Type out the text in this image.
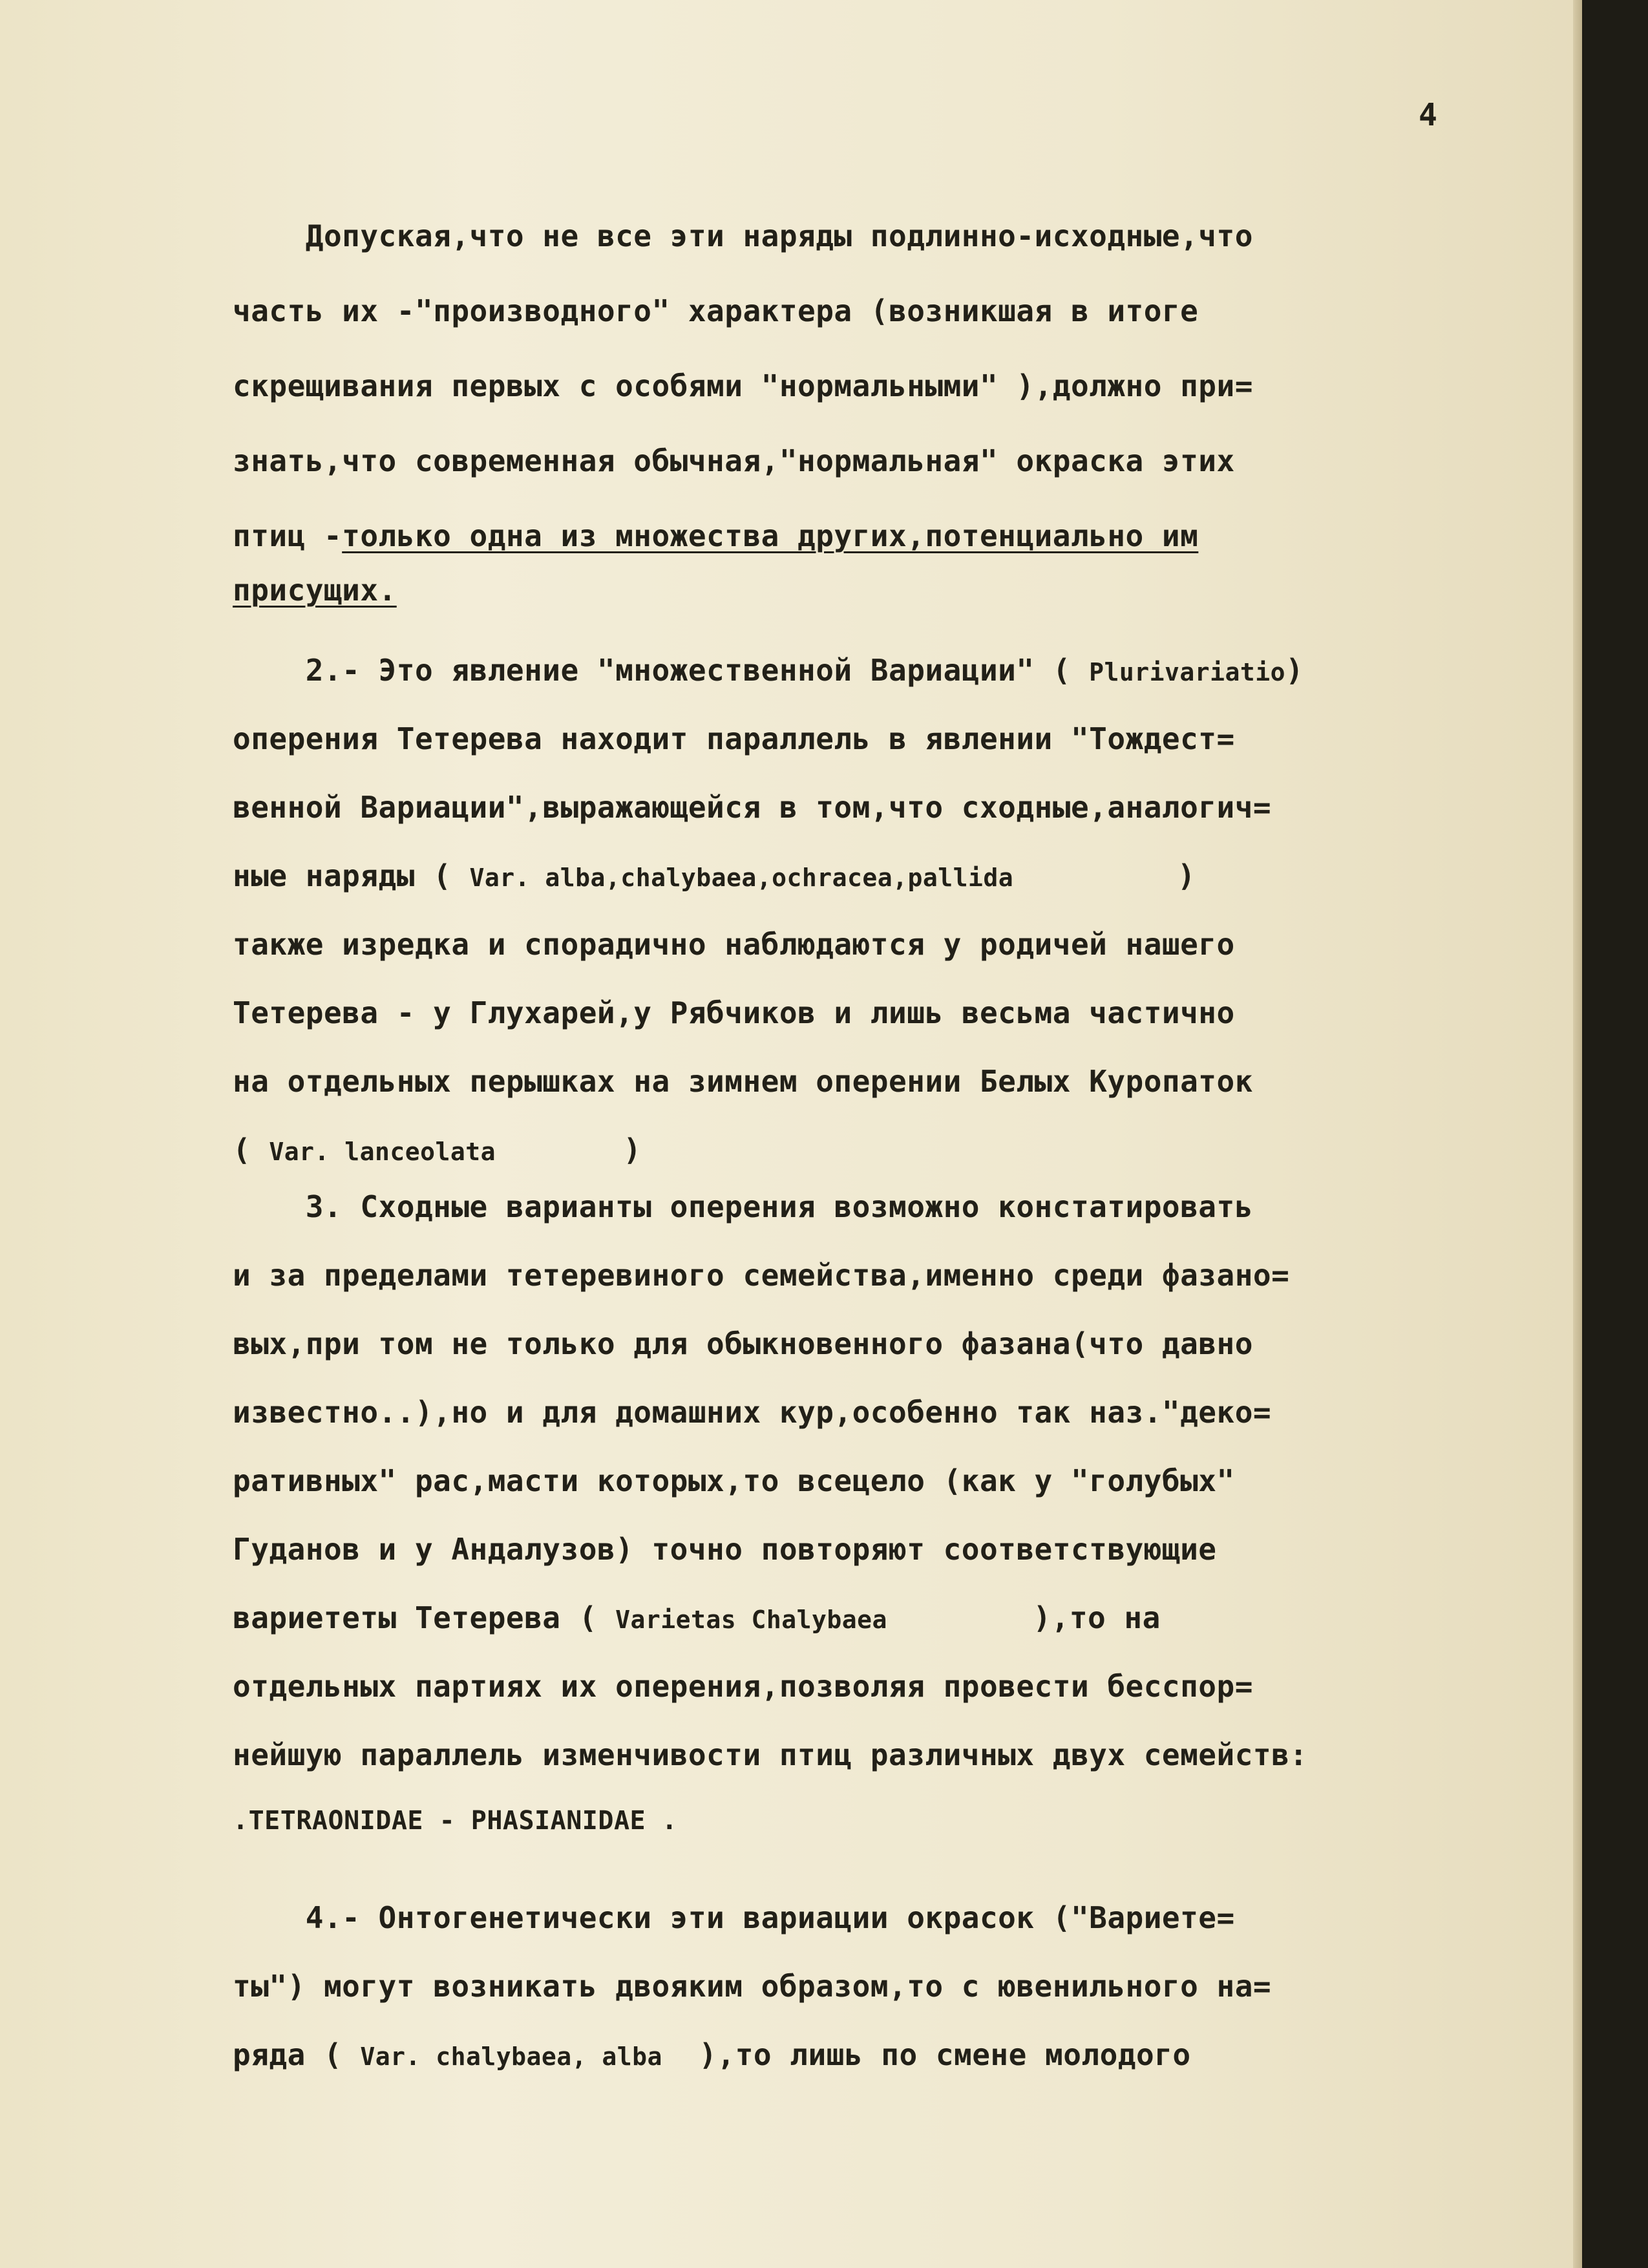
4

Допуская,что не все эти наряды подлинно-исходные,что

часть их -"производного" характера (возникшая в итоге

скрещивания первых с особями "нормальными" ),должно при=

знать,что современная обычная,"нормальная" окраска этих

птиц -только одна из множества других,потенциально им

присущих.

2.- Это явление "множественной Вариации" ( Plurivariatio)

оперения Тетерева находит параллель в явлении "Тождест=

венной Вариации",выражающейся в том,что сходные,аналогич=

ные наряды ( Var. alba,chalybaea,ochracea,pallida         )

также изредка и спорадично наблюдаются у родичей нашего

Тетерева - у Глухарей,у Рябчиков и лишь весьма частично

на отдельных перышках на зимнем оперении Белых Куропаток

( Var. lanceolata       )

3. Сходные варианты оперения возможно констатировать

и за пределами тетеревиного семейства,именно среди фазано=

вых,при том не только для обыкновенного фазана(что давно

известно..),но и для домашних кур,особенно так наз."деко=

ративных" рас,масти которых,то всецело (как у "голубых"

Гуданов и у Андалузов) точно повторяют соответствующие

вариететы Тетерева ( Varietas Chalybaea        ),то на

отдельных партиях их оперения,позволяя провести бесспор=

нейшую параллель изменчивости птиц различных двух семейств:

.TETRAONIDAE - PHASIANIDAE .

4.- Онтогенетически эти вариации окрасок ("Вариете=

ты") могут возникать двояким образом,то с ювенильного на=

ряда ( Var. chalybaea, alba  ),то лишь по смене молодого
